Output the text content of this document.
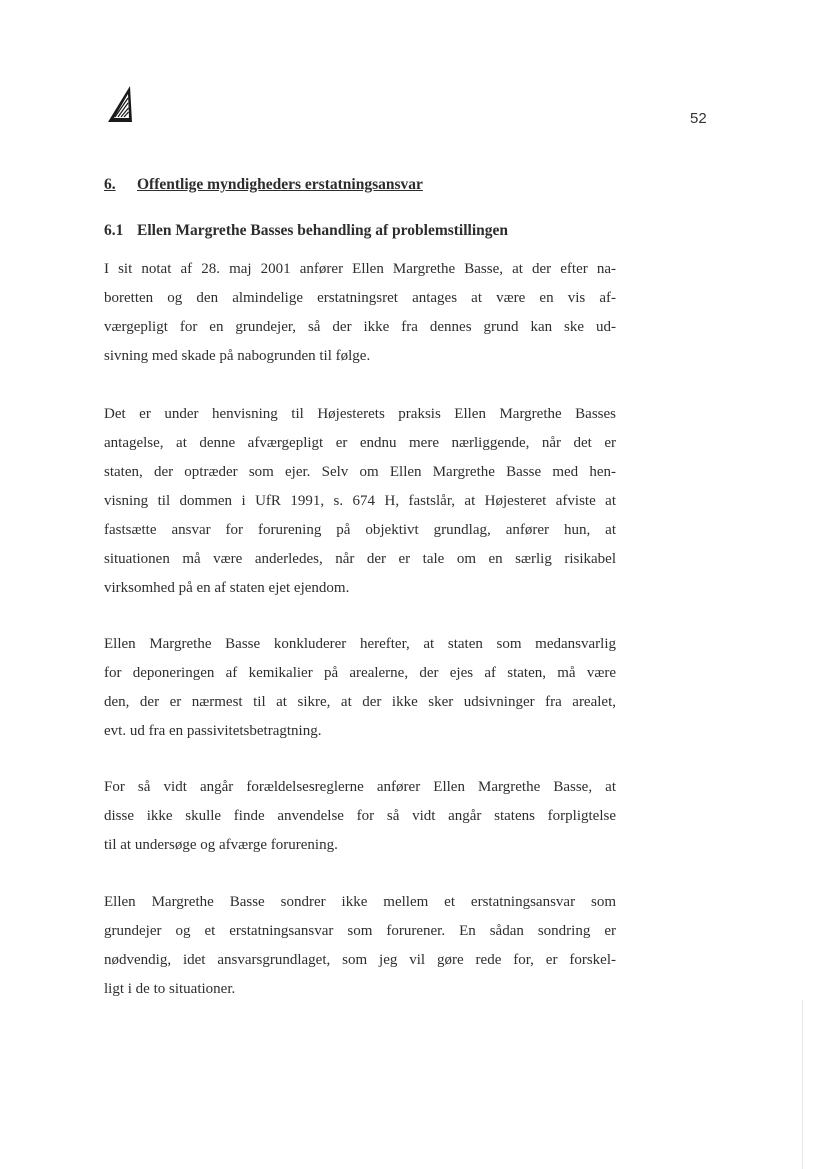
52
6. Offentlige myndigheders erstatningsansvar
6.1 Ellen Margrethe Basses behandling af problemstillingen
I sit notat af 28. maj 2001 anfører Ellen Margrethe Basse, at der efter na-
boretten og den almindelige erstatningsret antages at være en vis af-
værgepligt for en grundejer, så der ikke fra dennes grund kan ske ud-
sivning med skade på nabogrunden til følge.
Det er under henvisning til Højesterets praksis Ellen Margrethe Basses
antagelse, at denne afværgepligt er endnu mere nærliggende, når det er
staten, der optræder som ejer. Selv om Ellen Margrethe Basse med hen-
visning til dommen i UfR 1991, s. 674 H, fastslår, at Højesteret afviste at
fastsætte ansvar for forurening på objektivt grundlag, anfører hun, at
situationen må være anderledes, når der er tale om en særlig risikabel
virksomhed på en af staten ejet ejendom.
Ellen Margrethe Basse konkluderer herefter, at staten som medansvarlig
for deponeringen af kemikalier på arealerne, der ejes af staten, må være
den, der er nærmest til at sikre, at der ikke sker udsivninger fra arealet,
evt. ud fra en passivitetsbetragtning.
For så vidt angår forældelsesreglerne anfører Ellen Margrethe Basse, at
disse ikke skulle finde anvendelse for så vidt angår statens forpligtelse
til at undersøge og afværge forurening.
Ellen Margrethe Basse sondrer ikke mellem et erstatningsansvar som
grundejer og et erstatningsansvar som forurener. En sådan sondring er
nødvendig, idet ansvarsgrundlaget, som jeg vil gøre rede for, er forskel-
ligt i de to situationer.
